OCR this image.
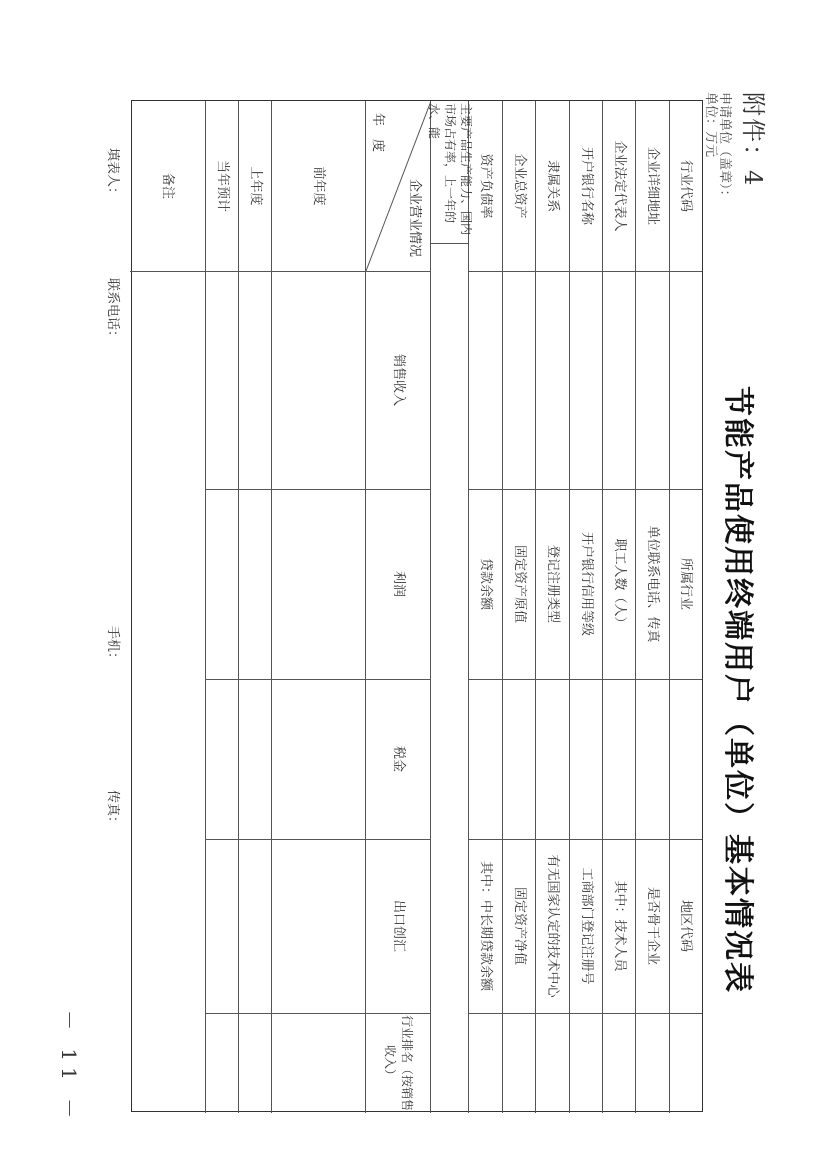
附件：4
节能产品使用终端用户（单位）基本情况表
申请单位（盖章）：
单位：万元
行业代码
所属行业
地区代码
企业详细地址
单位联系电话、传真
是否骨干企业
企业法定代表人
职工人数（人）
其中：技术人员
开户银行名称
开户银行信用等级
工商部门登记注册号
隶属关系
登记注册类型
有无国家认定的技术中心
企业总资产
固定资产原值
固定资产净值
资产负债率
贷款余额
其中：中长期贷款余额
主要产品生产能力、国内市场占有率，上一年的水、能
企业营业情况
年　度
销售收入
利润
税金
出口创汇
行业排名（按销售收入）
前年度
上年度
当年预计
备注
填表人：
联系电话：
手机：
传真：
－ 11 －
